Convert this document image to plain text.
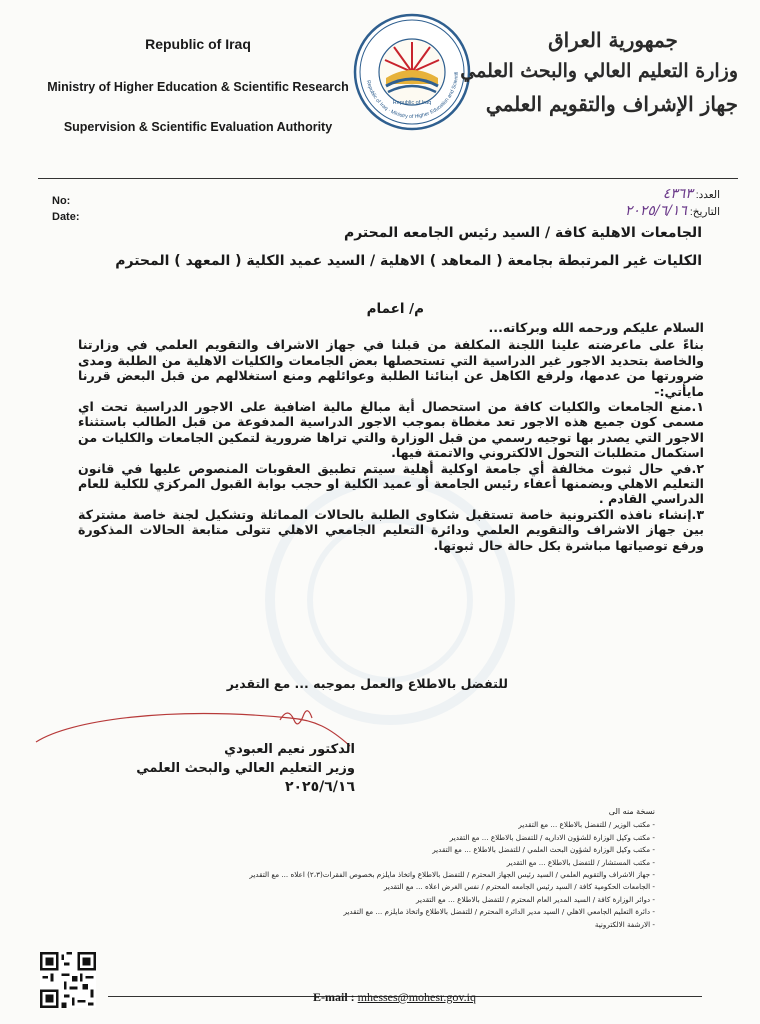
Republic of Iraq
Ministry of Higher Education & Scientific Research
Supervision & Scientific Evaluation Authority
Republic of Iraq
Republic of Iraq · Ministry of Higher Education and Scientifi
جمهورية العراق
وزارة التعليم العالي والبحث العلمي
جهاز الإشراف والتقويم العلمي
No:
Date:
العدد: ٤٣٦٣
التاريخ: ٢٠٢٥/٦/١٦
الجامعات الاهلية كافة / السيد رئيس الجامعه المحترم
الكليات غير المرتبطة بجامعة ( المعاهد ) الاهلية / السيد عميد الكلية ( المعهد ) المحترم
م/ اعمام

السلام عليكم ورحمه الله وبركاته...

بناءً على ماعرضته علينا اللجنة المكلفة من قبلنا في جهاز الاشراف والتقويم العلمي في وزارتنا والخاصة بتحديد الاجور غير الدراسية التي تستحصلها بعض الجامعات والكليات الاهلية من الطلبة ومدى ضرورتها من عدمها، ولرفع الكاهل عن ابنائنا الطلبة وعوائلهم ومنع استغلالهم من قبل البعض قررنا مايأتي:-

١.منع الجامعات والكليات كافة من استحصال أية مبالغ مالية اضافية على الاجور الدراسية تحت اي مسمى كون جميع هذه الاجور تعد مغطاة بموجب الاجور الدراسية المدفوعة من قبل الطالب باستثناء الاجور التي يصدر بها توجيه رسمي من قبل الوزارة والتي تراها ضرورية لتمكين الجامعات والكليات من استكمال متطلبات التحول الالكتروني والاتمتة فيها.

٢.في حال ثبوت مخالفة أي جامعة اوكلية أهلية سيتم تطبيق العقوبات المنصوص عليها في قانون التعليم الاهلي وبضمنها أعفاء رئيس الجامعة أو عميد الكلية او حجب بوابة القبول المركزي للكلية للعام الدراسي القادم .

٣.إنشاء نافذه الكترونية خاصة تستقبل شكاوى الطلبة بالحالات المماثلة وتشكيل لجنة خاصة مشتركة بين جهاز الاشراف والتقويم العلمي ودائرة التعليم الجامعي الاهلي تتولى متابعة الحالات المذكورة ورفع توصياتها مباشرة بكل حالة حال ثبوتها.

للتفضل بالاطلاع والعمل بموجبه ... مع التقدير
الدكتور نعيم العبودي
وزير التعليم العالي والبحث العلمي
٢٠٢٥/٦/١٦
نسخة منه الى
- مكتب الوزير / للتفضل بالاطلاع ... مع التقدير
- مكتب وكيل الوزارة للشؤون الاداريه / للتفضل بالاطلاع ... مع التقدير
- مكتب وكيل الوزارة لشؤون البحث العلمي / للتفضل بالاطلاع ... مع التقدير
- مكتب المستشار / للتفضل بالاطلاع ... مع التقدير
- جهاز الاشراف والتقويم العلمي / السيد رئيس الجهاز المحترم / للتفضل بالاطلاع واتخاذ مايلزم بخصوص الفقرات(٢،٣) اعلاه ... مع التقدير
- الجامعات الحكومية كافة / السيد رئيس الجامعه المحترم / نفس الغرض اعلاه ... مع التقدير
- دوائر الوزارة كافة / السيد المدير العام المحترم / للتفضل بالاطلاع ... مع التقدير
- دائرة التعليم الجامعي الاهلي / السيد مدير الدائرة المحترم / للتفضل بالاطلاع واتخاذ مايلزم ... مع التقدير
- الارشفة الالكترونية
E-mail : mhesses@mohesr.gov.iq
